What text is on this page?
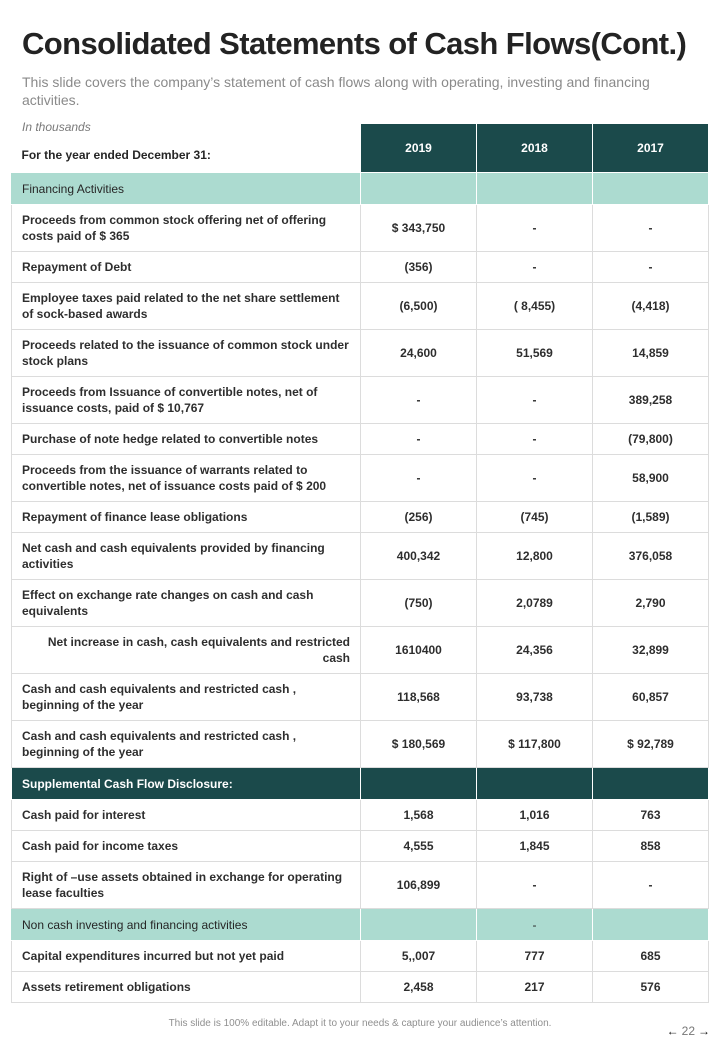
Consolidated Statements of Cash Flows(Cont.)

This slide covers the company’s statement of cash flows along with operating, investing and financing activities.

In thousands
For the year ended December 31:	2019	2018	2017
Financing Activities			
Proceeds from common stock offering net of offering costs paid of $ 365	$ 343,750	-	-
Repayment of Debt	(356)	-	-
Employee taxes paid related to the net share settlement of sock-based awards	(6,500)	( 8,455)	(4,418)
Proceeds related to the issuance of common stock under stock plans	24,600	51,569	14,859
Proceeds from Issuance of convertible notes, net of issuance costs, paid of $ 10,767	-	-	389,258
Purchase of note hedge related to convertible notes	-	-	(79,800)
Proceeds from the issuance of warrants related to convertible notes, net of issuance costs paid of $ 200	-	-	58,900
Repayment of finance lease obligations	(256)	(745)	(1,589)
Net cash and cash equivalents provided by financing activities	400,342	12,800	376,058
Effect on exchange rate changes on cash and cash equivalents	(750)	2,0789	2,790
Net increase in cash, cash equivalents and restricted cash	1610400	24,356	32,899
Cash and cash equivalents and restricted cash , beginning of the year	118,568	93,738	60,857
Cash and cash equivalents and restricted cash , beginning of the year	$ 180,569	$ 117,800	$ 92,789
Supplemental Cash Flow Disclosure:			
Cash paid for interest	1,568	1,016	763
Cash paid for income taxes	4,555	1,845	858
Right of –use assets obtained in exchange for operating lease faculties	106,899	-	-
Non cash investing and financing activities		-	
Capital expenditures incurred but not yet paid	5,,007	777	685
Assets retirement obligations	2,458	217	576
This slide is 100% editable. Adapt it to your needs & capture your audience’s attention.
← 22 →
